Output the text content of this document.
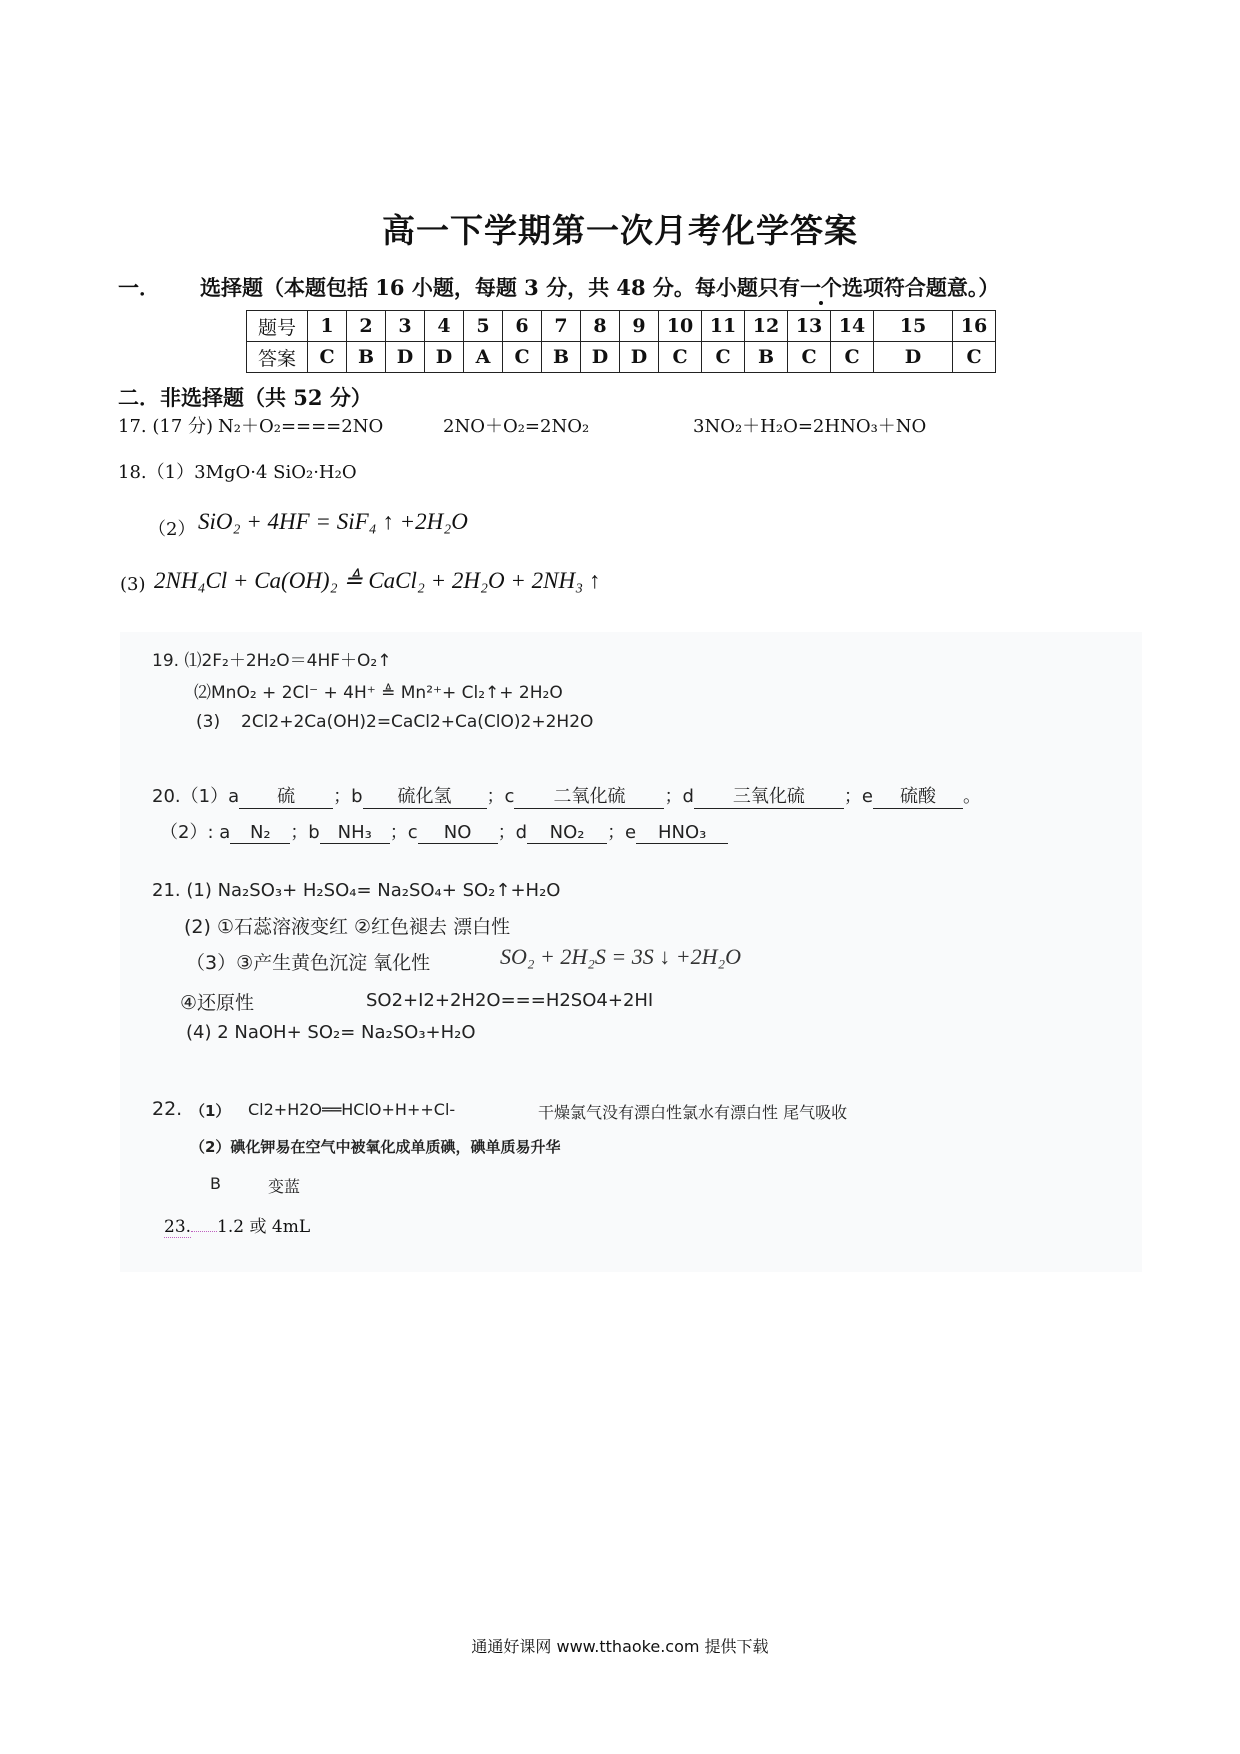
高一下学期第一次月考化学答案
一． 选择题（本题包括 16 小题，每题 3 分，共 48 分。每小题只有一个选项符合题意。）
题号	1	2	3	4	5	6	7	8	9	10	11	12	13	14	15	16
答案	C	B	D	D	A	C	B	D	D	C	C	B	C	C	D	C
二．非选择题（共 52 分）
17. (17 分) N₂＋O₂====2NO	2NO＋O₂=2NO₂	3NO₂＋H₂O=2HNO₃＋NO
18.（1）3MgO·4 SiO₂·H₂O
（2） SiO₂ + 4HF = SiF₄ ↑ +2H₂O
(3) 2NH₄Cl + Ca(OH)₂ ≜ CaCl₂ + 2H₂O + 2NH₃ ↑
19. ⑴2F₂＋2H₂O＝4HF＋O₂↑
⑵MnO₂ + 2Cl⁻ + 4H⁺ ≜ Mn²⁺+ Cl₂↑+ 2H₂O
(3) 2Cl2+2Ca(OH)2=CaCl2+Ca(ClO)2+2H2O
20.（1）a 硫 ；b 硫化氢 ；c 二氧化硫 ；d 三氧化硫 ；e 硫酸 。
（2）: a N₂ ；b NH₃ ；c NO ；d NO₂ ；e HNO₃
21. (1) Na₂SO₃+ H₂SO₄= Na₂SO₄+ SO₂↑+H₂O
(2) ①石蕊溶液变红 ②红色褪去 漂白性
（3）③产生黄色沉淀 氧化性	SO₂ + 2H₂S = 3S ↓ +2H₂O
④还原性	SO2+I2+2H2O===H2SO4+2HI
(4) 2 NaOH+ SO₂= Na₂SO₃+H₂O
22. （1） Cl2+H2O══HClO+H++Cl-	干燥氯气没有漂白性氯水有漂白性 尾气吸收
（2）碘化钾易在空气中被氧化成单质碘，碘单质易升华
B	变蓝
23. 1.2 或 4mL
通通好课网 www.tthaoke.com 提供下载
